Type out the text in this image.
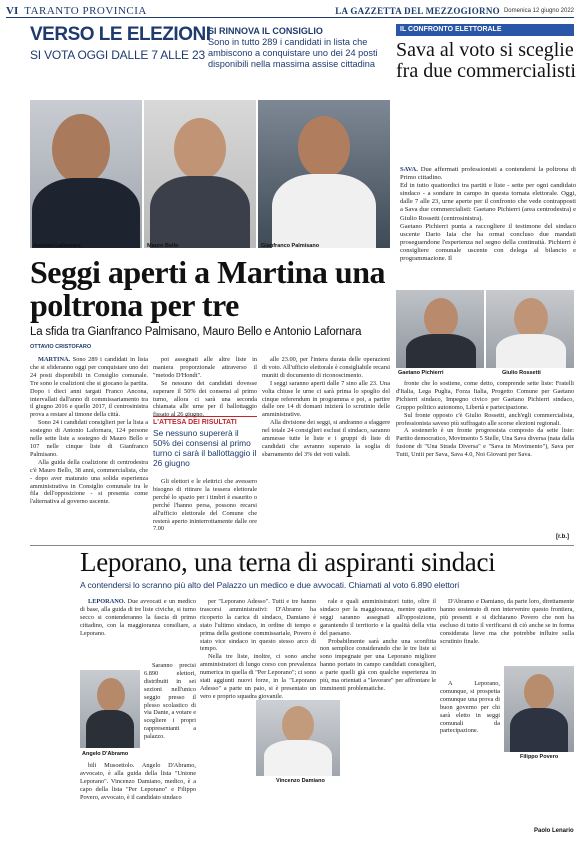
VI TARANTO PROVINCIA	LA GAZZETTA DEL MEZZOGIORNO Domenica 12 giugno 2022
VERSO LE ELEZIONI
SI VOTA OGGI DALLE 7 ALLE 23
SI RINNOVA IL CONSIGLIO
Sono in tutto 289 i candidati in lista che ambiscono a conquistare uno dei 24 posti disponibili nella massima assise cittadina
IL CONFRONTO ELETTORALE
Sava al voto si sceglie fra due commercialisti
Antonio Lafornara	Mauro Bello	Gianfranco Palmisano

SAVA. Due affermati professionisti a contendersi la poltrona di Primo cittadino.

Ed in tutto quattordici tra partiti e liste - sette per ogni candidato sindaco - a sondare in campo in questa tornata elettorale. Oggi, dalle 7 alle 23, urne aperte per il confronto che vede contrapposti a Sava due commercialisti: Gaetano Pichierri (area centrodestra) e Giulio Rossetti (centrosinistra).

Gaetano Pichierri punta a raccogliere il testimone del sindaco uscente Dario Iaia che ha ormai concluso due mandati proseguendone l'esperienza nel segno della continuità. Pichierri è consigliere comunale uscente con delega al bilancio e programmazione. Il

Seggi aperti a Martina una poltrona per tre
La sfida tra Gianfranco Palmisano, Mauro Bello e Antonio Lafornara
OTTAVIO CRISTOFARO
Gaetano Pichierri	Giulio Rossetti

MARTINA. Sono 289 i candidati in lista che si sfideranno oggi per conquistare uno dei 24 posti disponibili in Consiglio comunale. Tre sono le coalizioni che si giocano la partita. Dopo i dieci anni targati Franco Ancona, intervallati dall'anno di commissariamento tra il giugno 2016 e quello 2017, il centrosinistra prova a restare al timone della città.

Sono 24 i candidati consiglieri per la lista a sostegno di Antonio Lafornara, 124 persone nelle sette liste a sostegno di Mauro Bello e 107 nelle cinque liste di Gianfranco Palmisano.

Alla guida della coalizione di centrodestra c'è Mauro Bello, 38 anni, commercialista, che - dopo aver maturato una solida esperienza amministrativa in Consiglio comunale tra le fila dell'opposizione - si presenta come l'alternativa al governo uscente.

poi assegnati alle altre liste in maniera proporzionale attraverso il "metodo D'Hondt".

Se nessuno dei candidati dovesse superare il 50% dei consensi al primo turno, allora ci sarà una seconda chiamata alle urne per il ballottaggio fissato al 26 giugno.

L'ATTESA DEI RISULTATI
Se nessuno supererà il 50% dei consensi al primo turno ci sarà il ballottaggio il 26 giugno

Gli elettori e le elettrici che avessero bisogno di ritirare la tessera elettorale perché lo spazio per i timbri è esaurito o perché l'hanno persa, possono recarsi all'ufficio elettorale del Comune che resterà aperto ininterrottamente dalle ore 7.00

alle 23.00, per l'intera durata delle operazioni di voto. All'ufficio elettorale è consigliabile recarsi muniti di documento di riconoscimento.

I seggi saranno aperti dalle 7 sino alle 23. Una volta chiuse le urne ci sarà prima lo spoglio del cinque referendum in programma e poi, a partire dalle ore 14 di domani inizierà lo scrutinio delle amministrative.

Alla divisione dei seggi, si andranno a sfaggere nel totale 24 consiglieri esclusi il sindaco, saranno ammesse tutte le liste e i gruppi di liste di candidati che avranno superato la soglia di sbarramento del 3% dei voti validi.

fronte che lo sostiene, come detto, comprende sette liste: Fratelli d'Italia, Lega Puglia, Forza Italia, Progetto Comune per Gaetano Pichierri sindaco, Impegno civico per Gaetano Pichierri sindaco, Gruppo politico autonomo, Libertà e partecipazione.

Sul fronte opposto c'è Giulio Rossetti, anch'egli commercialista, professionista saveso più suffragato alle scorse elezioni regionali.

A sostenerlo è un fronte progressista composto da sette liste: Partito democratico, Movimento 5 Stelle, Una Sava diversa (nata dalla fusione di "Una Strada Diversa" e "Sava in Movimento"), Sava per Tutti, Uniti per Sava, Sava 4.0, Noi Giovani per Sava.

[r.b.]
Leporano, una terna di aspiranti sindaci
A contendersi lo scranno più alto del Palazzo un medico e due avvocati. Chiamati al voto 6.890 elettori

LEPORANO. Due avvocati e un medico di base, alla guida di tre liste civiche, si turno secco si contenderanno la fascia di primo cittadino, con la maggioranza consiliare, a Leporano.

Angelo D'Abramo

Saranno precisi 6.890 elettori, distribuiti in sei sezioni nell'unico seggio presso il plesso scolastico di via Dante, a votare e scegliere i propri rappresentanti a palazzo.

bili Musoettolo. Angelo D'Abramo, avvocato, è alla guida della lista "Unione Leporano". Vincenzo Damiano, medico, è a capo della lista "Per Leporano" e Filippo Povero, avvocato, è il candidato sindaco

per "Leporano Adesso". Tutti e tre hanno trascorsi amministrativi: D'Abramo ha ricoperto la carica di sindaco, Damiano è stato l'ultimo sindaco, in ordine di tempo e prima della gestione commissariale, Povero è stato vice sindaco in questo stesso arco di tempo.

Nella tre liste, inoltre, ci sono anche amministratori di lungo corso con prevalenza numerica in quella di "Per Leporano"; ci sono stati aggiunti nuovi forze, in la "Leporano Adesso" a parte un paio, si è presentato un vero e proprio squadra giovanile.

Vincenzo Damiano

rale e quali amministratori tutto, oltre il sindaco per la maggioranza, mentre quattro seggi saranno assegnati all'opposizione, garantendo il territorio e la qualità della vita del paesano.

Probabilmente sarà anche una sconfitta non semplice considerando che le tre liste si sono impegnate per una Leporano migliore hanno portato in campo candidati consiglieri, a parte quelli già con qualche esperienza in più, ma orientati a "lavorare" per affrontare le imminenti problematiche.

D'Abramo e Damiano, da parte loro, direttamente hanno sostenuto di non intervenire questo frontiera, più presenti e si dichiarano Povero che non ha escluso di tutto il verificarsi di ciò anche se in forma considerata lieve ma che potrebbe influire sulla scrutinio finale.

A Leporano, comunque, si prospetta comunque una prova di buon governo per chi sarà eletto in seggi comunali da partecipazione.

Filippo Povero
Paolo Lenario
